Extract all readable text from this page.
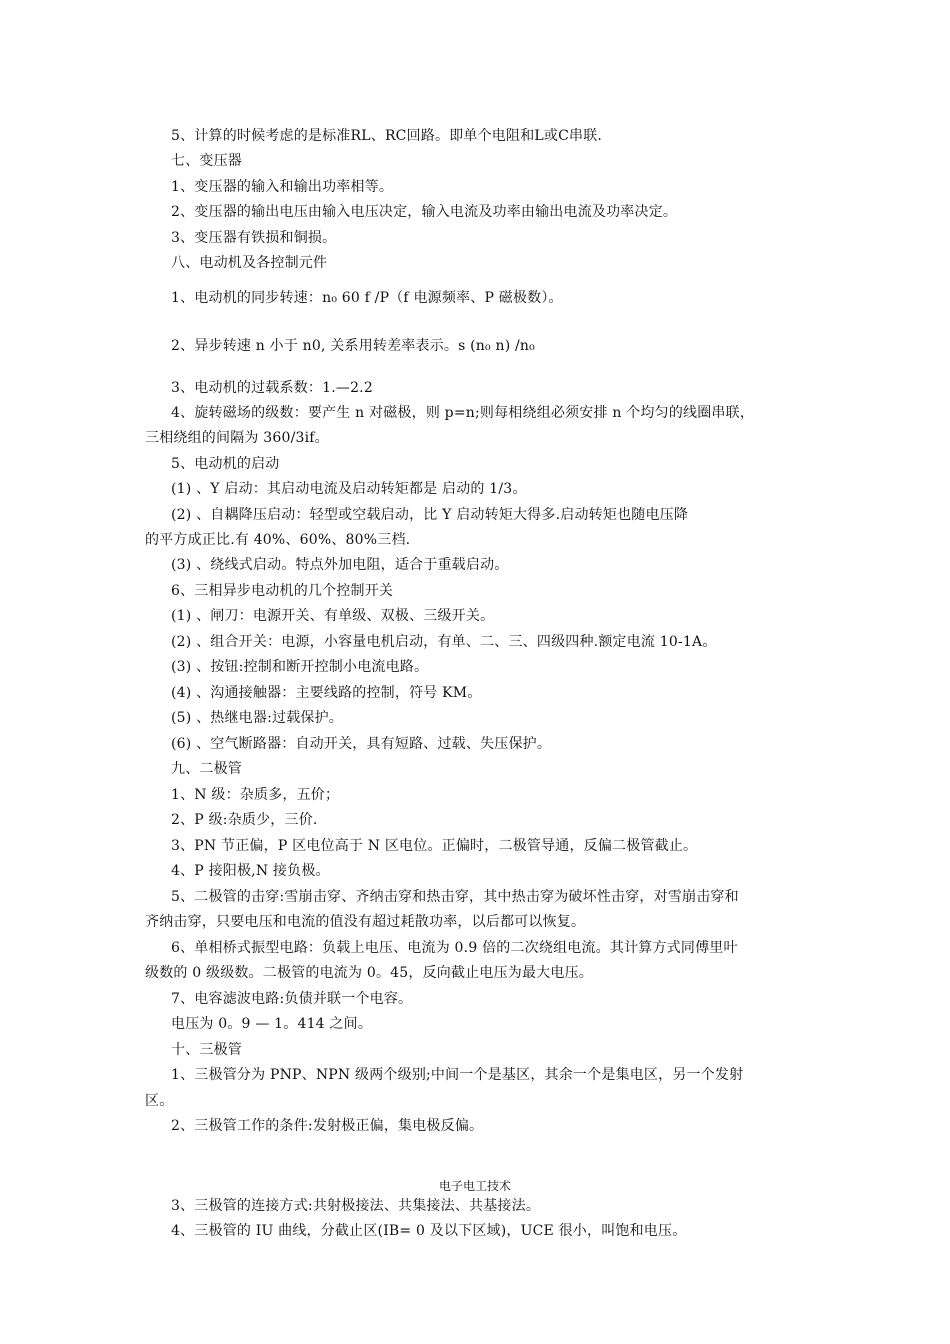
5、计算的时候考虑的是标准RL、RC回路。即单个电阻和L或C串联.
七、变压器
1、变压器的输入和输出功率相等。
2、变压器的输出电压由输入电压决定，输入电流及功率由输出电流及功率决定。
3、变压器有铁损和铜损。
八、电动机及各控制元件
1、电动机的同步转速：n₀ 60 f /P（f 电源频率、P 磁极数）。
2、异步转速 n 小于 n0, 关系用转差率表示。s (n₀ n) /n₀
3、电动机的过载系数：1.—2.2
4、旋转磁场的级数：要产生 n 对磁极，则 p=n;则每相绕组必须安排 n 个均匀的线圈串联，
三相绕组的间隔为 360/3if。
5、电动机的启动
(1) 、Y 启动：其启动电流及启动转矩都是 启动的 1/3。
(2) 、自耦降压启动：轻型或空载启动，比 Y 启动转矩大得多.启动转矩也随电压降
的平方成正比.有 40%、60%、80%三档.
(3) 、绕线式启动。特点外加电阻，适合于重载启动。
6、三相异步电动机的几个控制开关
(1) 、闸刀：电源开关、有单级、双极、三级开关。
(2) 、组合开关：电源，小容量电机启动，有单、二、三、四级四种.额定电流 10-1A。
(3) 、按钮:控制和断开控制小电流电路。
(4) 、沟通接触器：主要线路的控制，符号 KM。
(5) 、热继电器:过载保护。
(6) 、空气断路器：自动开关，具有短路、过载、失压保护。
九、二极管
1、N 级：杂质多，五价；
2、P 级:杂质少，三价.
3、PN 节正偏，P 区电位高于 N 区电位。正偏时，二极管导通，反偏二极管截止。
4、P 接阳极,N 接负极。
5、二极管的击穿:雪崩击穿、齐纳击穿和热击穿，其中热击穿为破坏性击穿，对雪崩击穿和
齐纳击穿，只要电压和电流的值没有超过耗散功率，以后都可以恢复。
6、单相桥式振型电路：负载上电压、电流为 0.9 倍的二次绕组电流。其计算方式同傅里叶
级数的 0 级级数。二极管的电流为 0。45，反向截止电压为最大电压。
7、电容滤波电路:负债并联一个电容。
电压为 0。9 — 1。414 之间。
十、三极管
1、三极管分为 PNP、NPN 级两个级别;中间一个是基区，其余一个是集电区，另一个发射
区。
2、三极管工作的条件:发射极正偏，集电极反偏。
电子电工技术
3、三极管的连接方式:共射极接法、共集接法、共基接法。
4、三极管的 IU 曲线，分截止区(IB= 0 及以下区域)，UCE 很小，叫饱和电压。
